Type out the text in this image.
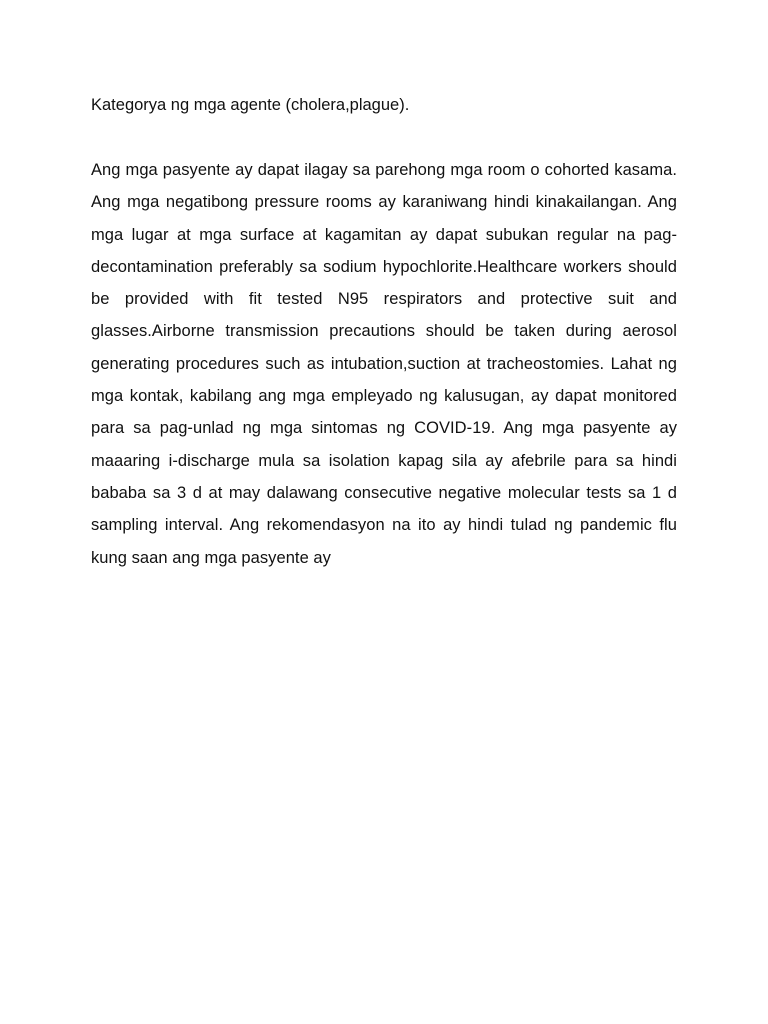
Kategorya ng mga agente (cholera,plague).

Ang mga pasyente ay dapat ilagay sa parehong mga room o cohorted kasama. Ang mga negatibong pressure rooms ay karaniwang hindi kinakailangan. Ang mga lugar at mga surface at kagamitan ay dapat subukan regular na pag-decontamination preferably sa sodium hypochlorite.Healthcare workers should be provided with fit tested N95 respirators and protective suit and glasses.Airborne transmission precautions should be taken during aerosol generating procedures such as intubation,suction at tracheostomies. Lahat ng mga kontak, kabilang ang mga empleyado ng kalusugan, ay dapat monitored para sa pag-unlad ng mga sintomas ng COVID-19. Ang mga pasyente ay maaaring i-discharge mula sa isolation kapag sila ay afebrile para sa hindi bababa sa 3 d at may dalawang consecutive negative molecular tests sa 1 d sampling interval. Ang rekomendasyon na ito ay hindi tulad ng pandemic flu kung saan ang mga pasyente ay
